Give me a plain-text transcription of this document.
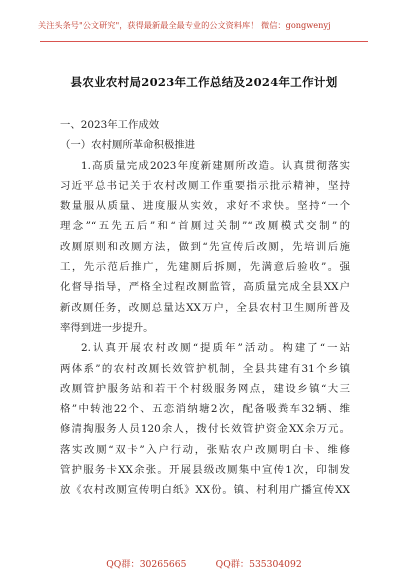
关注头条号"公文研究"，获得最新最全最专业的公文资料库！ 微信：gongwenyj
县农业农村局2023年工作总结及2024年工作计划
一、2023年工作成效
（一）农村厕所革命积极推进
1.高质量完成2023年度新建厕所改造。认真贯彻落实
习近平总书记关于农村改厕工作重要指示批示精神，坚持
数量服从质量、进度服从实效，求好不求快。坚持“一个
理念”“五先五后”和“首厕过关制”“改厕模式交制”的
改厕原则和改厕方法，做到“先宣传后改厕，先培训后施
工，先示范后推广，先建厕后拆厕，先满意后验收”。强
化督导指导，严格全过程改厕监管，高质量完成全县XX户
新改厕任务，改厕总量达XX万户，全县农村卫生厕所普及
率得到进一步提升。
2.认真开展农村改厕“提质年”活动。构建了“一站
两体系”的农村改厕长效管护机制，全县共建有31个乡镇
改厕管护服务站和若干个村级服务网点，建设乡镇“大三
格”中转池22个、五恋消纳塘2次，配备吸粪车32辆、维
修清掏服务人员120余人，拨付长效管护资金XX余万元。
落实改厕“双卡”入户行动，张贴农户改厕明白卡、维修
管护服务卡XX余张。开展县级改厕集中宣传1次，印制发
放《农村改厕宣传明白纸》XX份。镇、村利用广播宣传XX
QQ群：30265665          QQ群：535304092
